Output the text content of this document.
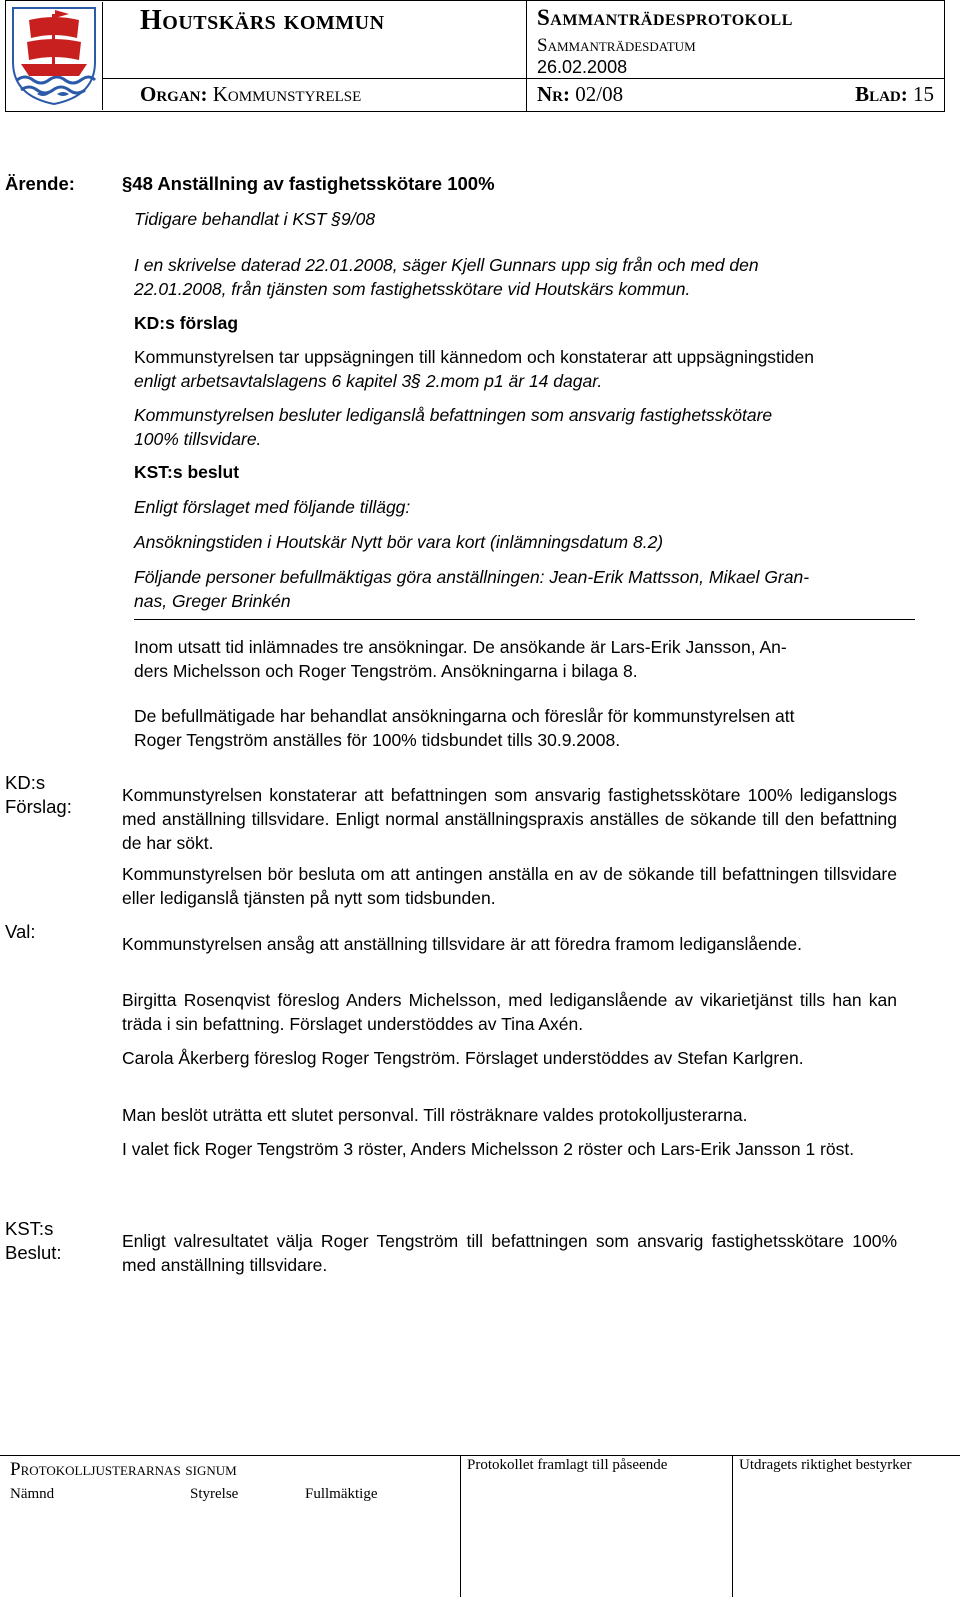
Houtskärs kommun	Sammanträdesprotokoll
Sammanträdesdatum
26.02.2008
Organ: Kommunstyrelse	Nr: 02/08	Blad: 15
Ärende:	§48 Anställning av fastighetsskötare 100%
Tidigare behandlat i KST §9/08
I en skrivelse daterad 22.01.2008, säger Kjell Gunnars upp sig från och med den
22.01.2008, från tjänsten som fastighetsskötare vid Houtskärs kommun.
KD:s förslag
Kommunstyrelsen tar uppsägningen till kännedom och konstaterar att uppsägningstiden
enligt arbetsavtalslagens 6 kapitel 3§ 2.mom p1 är 14 dagar.
Kommunstyrelsen besluter lediganslå befattningen som ansvarig fastighetsskötare
100% tillsvidare.
KST:s beslut
Enligt förslaget med följande tillägg:
Ansökningstiden i Houtskär Nytt bör vara kort (inlämningsdatum 8.2)
Följande personer befullmäktigas göra anställningen: Jean-Erik Mattsson, Mikael Gran-
nas, Greger Brinkén
Inom utsatt tid inlämnades tre ansökningar. De ansökande är Lars-Erik Jansson, An-
ders Michelsson och Roger Tengström. Ansökningarna i bilaga 8.
De befullmätigade har behandlat ansökningarna och föreslår för kommunstyrelsen att
Roger Tengström anställes för 100% tidsbundet tills 30.9.2008.
KD:s Förslag:
Kommunstyrelsen konstaterar att befattningen som ansvarig fastighetsskötare 100% lediganslogs med anställning tillsvidare. Enligt normal anställningspraxis anställes de sökande till den befattning de har sökt.
Kommunstyrelsen bör besluta om att antingen anställa en av de sökande till befattningen tillsvidare eller lediganslå tjänsten på nytt som tidsbunden.
Val:
Kommunstyrelsen ansåg att anställning tillsvidare är att föredra framom lediganslående.
Birgitta Rosenqvist föreslog Anders Michelsson, med lediganslående av vikarietjänst tills han kan träda i sin befattning. Förslaget understöddes av Tina Axén.
Carola Åkerberg föreslog Roger Tengström. Förslaget understöddes av Stefan Karlgren.
Man beslöt uträtta ett slutet personval. Till rösträknare valdes protokolljusterarna.
I valet fick Roger Tengström 3 röster, Anders Michelsson 2 röster och Lars-Erik Jansson 1 röst.
KST:s Beslut:
Enligt valresultatet välja Roger Tengström till befattningen som ansvarig fastighetsskötare 100% med anställning tillsvidare.
Protokolljusterarnas signum
Nämnd	Styrelse	Fullmäktige
Protokollet framlagt till påseende	Utdragets riktighet bestyrker
